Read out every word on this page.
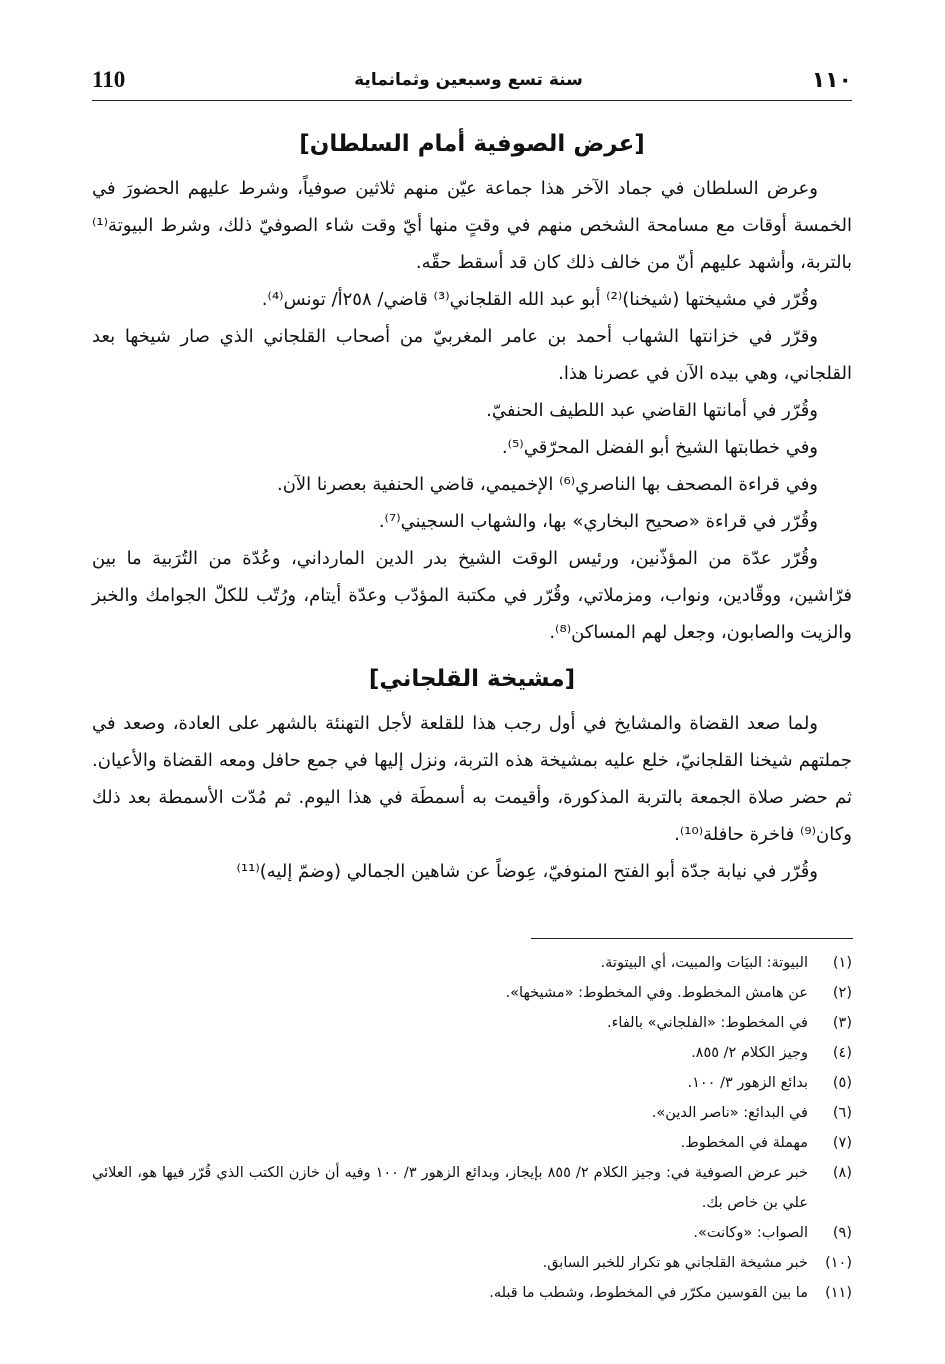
110	سنة تسع وسبعين وثمانماية	١١٠
[عرض الصوفية أمام السلطان]

وعرض السلطان في جماد الآخر هذا جماعة عيّن منهم ثلاثين صوفياً، وشرط عليهم الحضورَ في الخمسة أوقات مع مسامحة الشخص منهم في وقتٍ منها أيّ وقت شاء الصوفيّ ذلك، وشرط البيوتة⁽¹⁾ بالتربة، وأشهد عليهم أنّ من خالف ذلك كان قد أسقط حقّه.

وقُرّر في مشيختها (شيخنا)⁽²⁾ أبو عبد الله القلجاني⁽³⁾ قاضي/ ٢٥٨أ/ تونس⁽⁴⁾.

وقرّر في خزانتها الشهاب أحمد بن عامر المغربيّ من أصحاب القلجاني الذي صار شيخها بعد القلجاني، وهي بيده الآن في عصرنا هذا.

وقُرّر في أمانتها القاضي عبد اللطيف الحنفيّ.

وفي خطابتها الشيخ أبو الفضل المحرّقي⁽⁵⁾.

وفي قراءة المصحف بها الناصري⁽⁶⁾ الإخميمي، قاضي الحنفية بعصرنا الآن.

وقُرّر في قراءة «صحيح البخاري» بها، والشهاب السجيني⁽⁷⁾.

وقُرّر عدّة من المؤذّنين، ورئيس الوقت الشيخ بدر الدين المارداني، وعُدّة من التُرَبية ما بين فرّاشين، ووقّادين، ونواب، ومزملاتي، وقُرّر في مكتبة المؤدّب وعدّة أيتام، ورُتّب للكلّ الجوامك والخبز والزيت والصابون، وجعل لهم المساكن⁽⁸⁾.

[مشيخة القلجاني]

ولما صعد القضاة والمشايخ في أول رجب هذا للقلعة لأجل التهنئة بالشهر على العادة، وصعد في جملتهم شيخنا القلجانيّ، خلع عليه بمشيخة هذه التربة، ونزل إليها في جمع حافل ومعه القضاة والأعيان. ثم حضر صلاة الجمعة بالتربة المذكورة، وأقيمت به أسمطَة في هذا اليوم. ثم مُدّت الأسمطة بعد ذلك وكان⁽⁹⁾ فاخرة حافلة⁽¹⁰⁾.

وقُرّر في نيابة جدّة أبو الفتح المنوفيّ، عِوضاً عن شاهين الجمالي (وضمّ إليه)⁽¹¹⁾

(١)
البيوتة: البيَات والمبيت، أي البيتوتة.
(٢)
عن هامش المخطوط. وفي المخطوط: «مشيخها».
(٣)
في المخطوط: «الفلجاني» بالفاء.
(٤)
وجيز الكلام ٢/ ٨٥٥.
(٥)
بدائع الزهور ٣/ ١٠٠.
(٦)
في البدائع: «ناصر الدين».
(٧)
مهملة في المخطوط.
(٨)
خبر عرض الصوفية في: وجيز الكلام ٢/ ٨٥٥ بإيجاز، وبدائع الزهور ٣/ ١٠٠ وفيه أن خازن الكتب الذي قُرّر فيها هو، العلائي علي بن خاص بك.
(٩)
الصواب: «وكانت».
(١٠)
خبر مشيخة القلجاني هو تكرار للخبر السابق.
(١١)
ما بين القوسين مكرّر في المخطوط، وشطب ما قبله.
